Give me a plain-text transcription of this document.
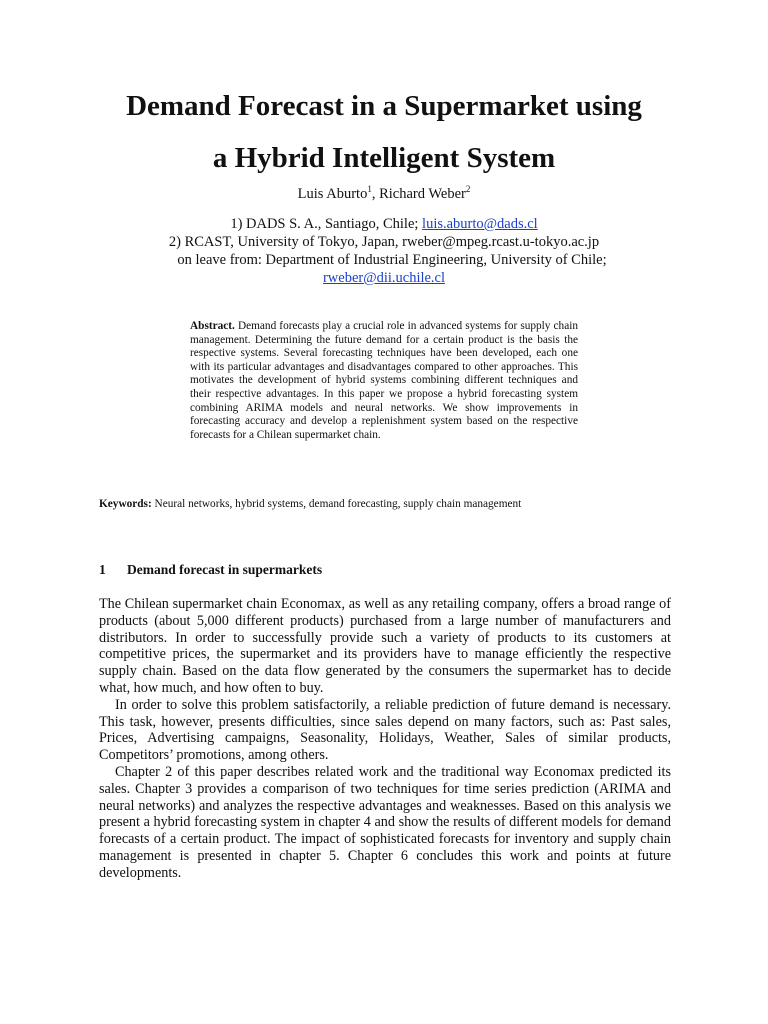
Demand Forecast in a Supermarket using
a Hybrid Intelligent System
Luis Aburto$^1$, Richard Weber$^2$
1) DADS S. A., Santiago, Chile; luis.aburto@dads.cl
2) RCAST, University of Tokyo, Japan, rweber@mpeg.rcast.u-tokyo.ac.jp
on leave from: Department of Industrial Engineering, University of Chile;
rweber@dii.uchile.cl

Abstract. Demand forecasts play a crucial role in advanced systems for supply chain management. Determining the future demand for a certain product is the basis the respective systems. Several forecasting techniques have been developed, each one with its particular advantages and disadvantages compared to other approaches. This motivates the development of hybrid systems combining different techniques and their respective advantages. In this paper we propose a hybrid forecasting system combining ARIMA models and neural networks. We show improvements in forecasting accuracy and develop a replenishment system based on the respective forecasts for a Chilean supermarket chain.

Keywords: Neural networks, hybrid systems, demand forecasting, supply chain management
1 Demand forecast in supermarkets

The Chilean supermarket chain Economax, as well as any retailing company, offers a broad range of products (about 5,000 different products) purchased from a large number of manufacturers and distributors. In order to successfully provide such a variety of products to its customers at competitive prices, the supermarket and its providers have to manage efficiently the respective supply chain. Based on the data flow generated by the consumers the supermarket has to decide what, how much, and how often to buy.

In order to solve this problem satisfactorily, a reliable prediction of future demand is necessary. This task, however, presents difficulties, since sales depend on many factors, such as: Past sales, Prices, Advertising campaigns, Seasonality, Holidays, Weather, Sales of similar products, Competitors’ promotions, among others.

Chapter 2 of this paper describes related work and the traditional way Economax predicted its sales. Chapter 3 provides a comparison of two techniques for time series prediction (ARIMA and neural networks) and analyzes the respective advantages and weaknesses. Based on this analysis we present a hybrid forecasting system in chapter 4 and show the results of different models for demand forecasts of a certain product. The impact of sophisticated forecasts for inventory and supply chain management is presented in chapter 5. Chapter 6 concludes this work and points at future developments.
